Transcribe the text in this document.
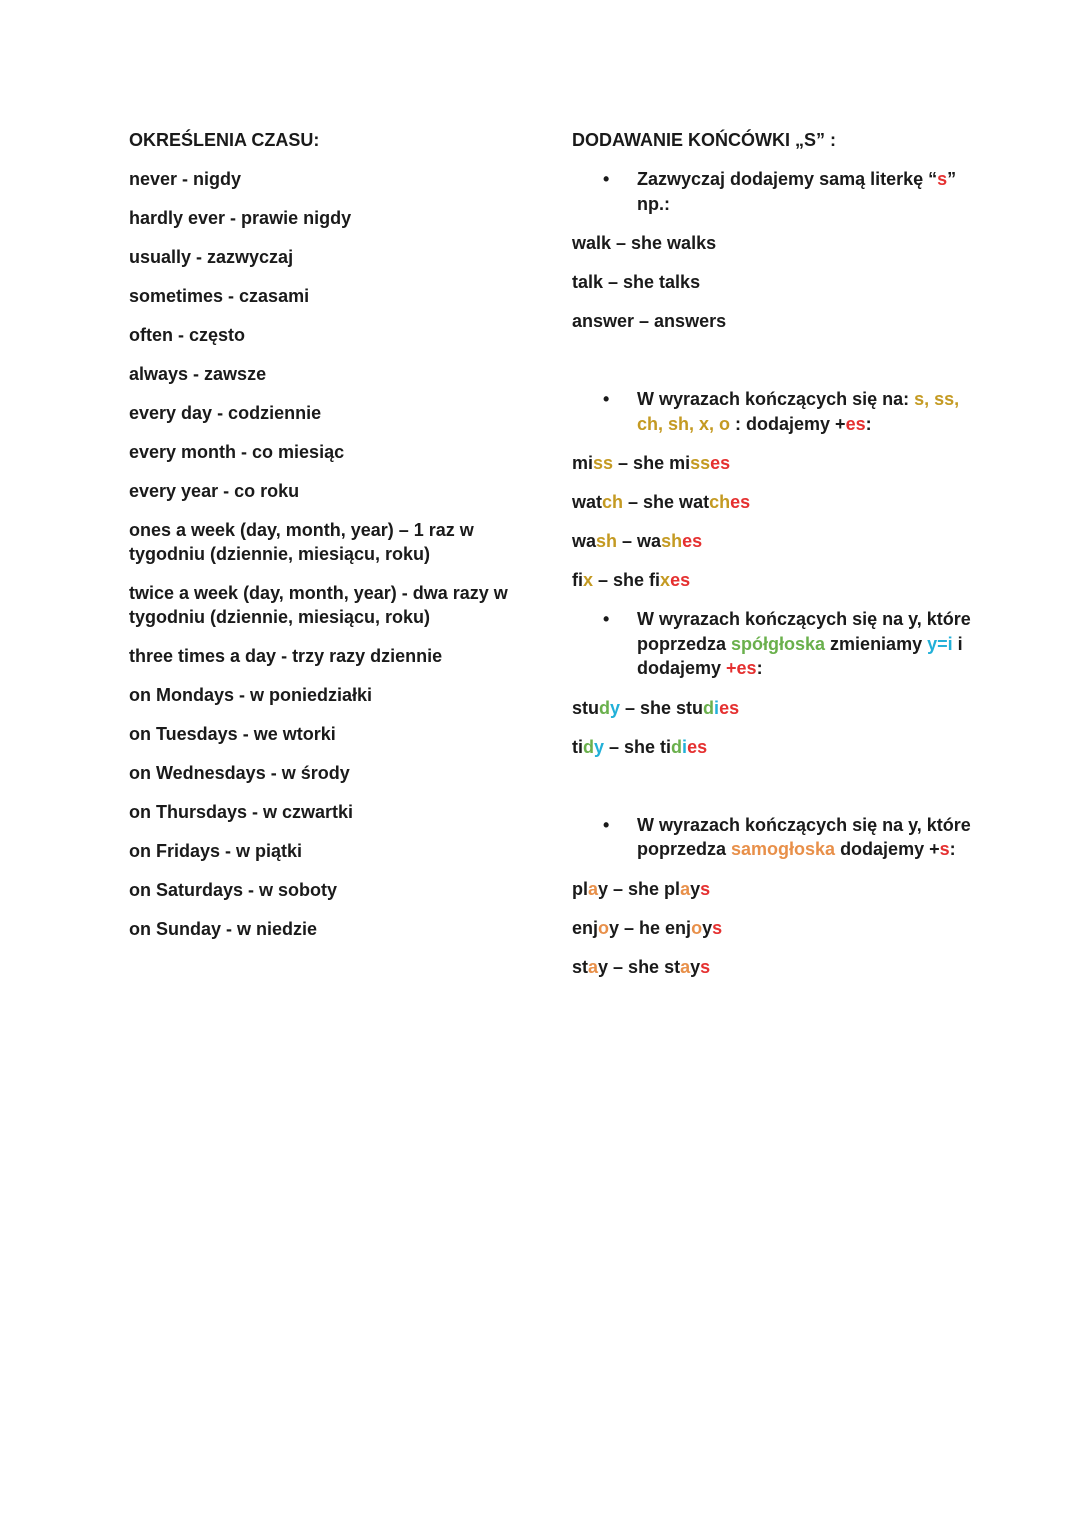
OKREŚLENIA CZASU:
never - nigdy
hardly ever - prawie nigdy
usually - zazwyczaj
sometimes - czasami
often - często
always - zawsze
every day - codziennie
every month - co miesiąc
every year - co roku
ones a week (day, month, year) – 1 raz w tygodniu (dziennie, miesiącu, roku)
twice a week (day, month, year) - dwa razy w tygodniu (dziennie, miesiącu, roku)
three times a day - trzy razy dziennie
on Mondays - w poniedziałki
on Tuesdays - we wtorki
on Wednesdays - w środy
on Thursdays - w czwartki
on Fridays - w piątki
on Saturdays - w soboty
on Sunday - w niedzie
DODAWANIE KOŃCÓWKI „S” :
• Zazwyczaj dodajemy samą literkę “s” np.:
walk – she walks
talk – she talks
answer – answers
• W wyrazach kończących się na: s, ss, ch, sh, x, o : dodajemy +es:
miss – she misses
watch – she watches
wash – washes
fix – she fixes
• W wyrazach kończących się na y, które poprzedza spółgłoska zmieniamy y=i i dodajemy +es:
study – she studies
tidy – she tidies
• W wyrazach kończących się na y, które poprzedza samogłoska dodajemy +s:
play – she plays
enjoy – he enjoys
stay – she stays
